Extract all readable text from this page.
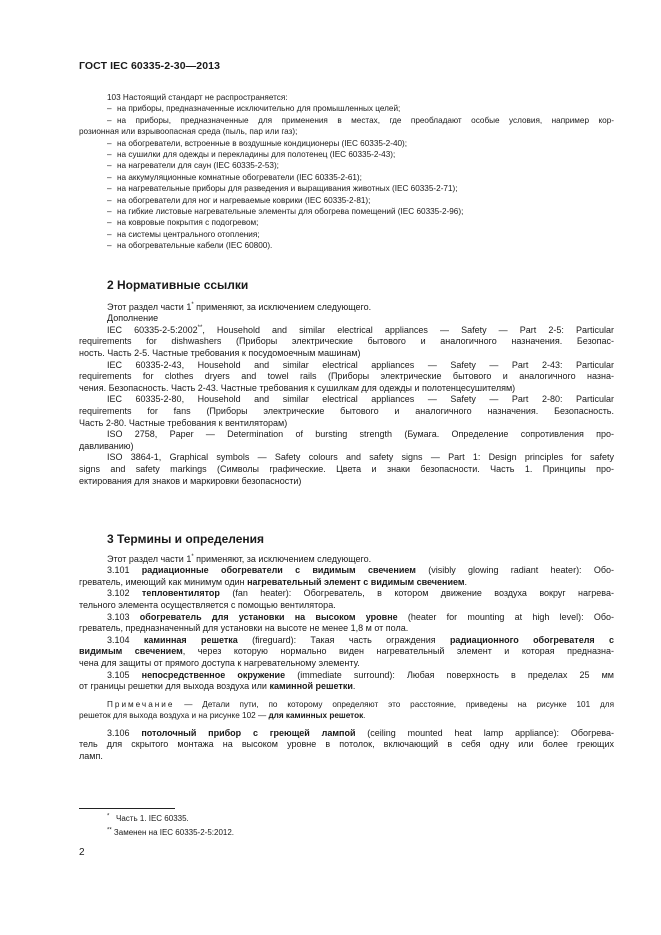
ГОСТ IEC 60335-2-30—2013
103 Настоящий стандарт не распространяется:
– на приборы, предназначенные исключительно для промышленных целей;
– на приборы, предназначенные для применения в местах, где преобладают особые условия, например кор-
розионная или взрывоопасная среда (пыль, пар или газ);
– на обогреватели, встроенные в воздушные кондиционеры (IEC 60335-2-40);
– на сушилки для одежды и перекладины для полотенец (IEC 60335-2-43);
– на нагреватели для саун (IEC 60335-2-53);
– на аккумуляционные комнатные обогреватели (IEC 60335-2-61);
– на нагревательные приборы для разведения и выращивания животных (IEC 60335-2-71);
– на обогреватели для ног и нагреваемые коврики (IEC 60335-2-81);
– на гибкие листовые нагревательные элементы для обогрева помещений (IEC 60335-2-96);
– на ковровые покрытия с подогревом;
– на системы центрального отопления;
– на обогревательные кабели (IEC 60800).
2 Нормативные ссылки
Этот раздел части 1* применяют, за исключением следующего.
Дополнение
IEC 60335-2-5:2002**, Household and similar electrical appliances — Safety — Part 2-5: Particular
requirements for dishwashers (Приборы электрические бытового и аналогичного назначения. Безопас-
ность. Часть 2-5. Частные требования к посудомоечным машинам)
IEC 60335-2-43, Household and similar electrical appliances — Safety — Part 2-43: Particular
requirements for clothes dryers and towel rails (Приборы электрические бытового и аналогичного назна-
чения. Безопасность. Часть 2-43. Частные требования к сушилкам для одежды и полотенцесушителям)
IEC 60335-2-80, Household and similar electrical appliances — Safety — Part 2-80: Particular
requirements for fans (Приборы электрические бытового и аналогичного назначения. Безопасность.
Часть 2-80. Частные требования к вентиляторам)
ISO 2758, Paper — Determination of bursting strength (Бумага. Определение сопротивления про-
давливанию)
ISO 3864-1, Graphical symbols — Safety colours and safety signs — Part 1: Design principles for safety
signs and safety markings (Символы графические. Цвета и знаки безопасности. Часть 1. Принципы про-
ектирования для знаков и маркировки безопасности)
3 Термины и определения
Этот раздел части 1* применяют, за исключением следующего.
3.101 радиационные обогреватели с видимым свечением (visibly glowing radiant heater): Обо-
греватель, имеющий как минимум один нагревательный элемент с видимым свечением.
3.102 тепловентилятор (fan heater): Обогреватель, в котором движение воздуха вокруг нагрева-
тельного элемента осуществляется с помощью вентилятора.
3.103 обогреватель для установки на высоком уровне (heater for mounting at high level): Обо-
греватель, предназначенный для установки на высоте не менее 1,8 м от пола.
3.104 каминная решетка (fireguard): Такая часть ограждения радиационного обогревателя с
видимым свечением, через которую нормально виден нагревательный элемент и которая предназна-
чена для защиты от прямого доступа к нагревательному элементу.
3.105 непосредственное окружение (immediate surround): Любая поверхность в пределах 25 мм
от границы решетки для выхода воздуха или каминной решетки.
Примечание — Детали пути, по которому определяют это расстояние, приведены на рисунке 101 для
решеток для выхода воздуха и на рисунке 102 — для каминных решеток.
3.106 потолочный прибор с греющей лампой (ceiling mounted heat lamp appliance): Обогрева-
тель для скрытого монтажа на высоком уровне в потолок, включающий в себя одну или более греющих
ламп.
* Часть 1. IEC 60335.
** Заменен на IEC 60335-2-5:2012.
2
